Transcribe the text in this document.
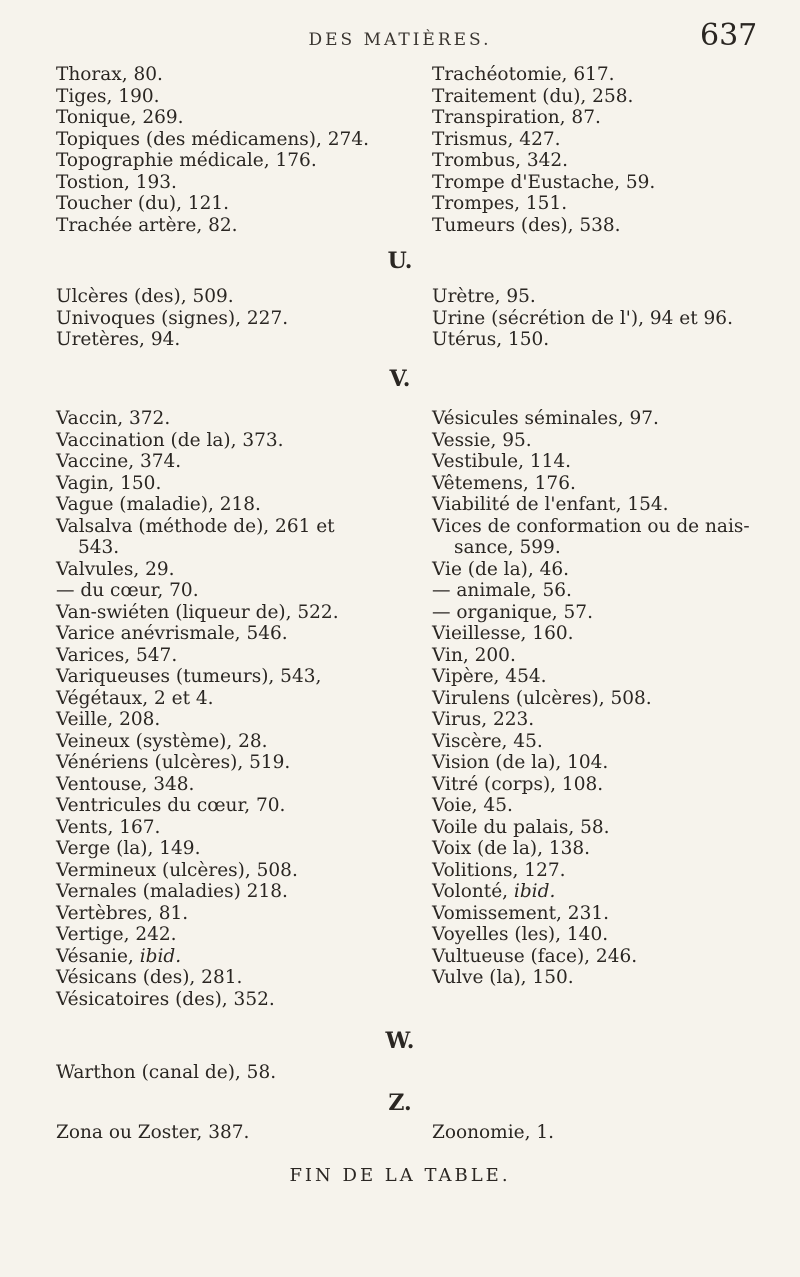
DES MATIÈRES.	637
Thorax, 80.
Tiges, 190.
Tonique, 269.
Topiques (des médicamens), 274.
Topographie médicale, 176.
Tostion, 193.
Toucher (du), 121.
Trachée artère, 82.
Trachéotomie, 617.
Traitement (du), 258.
Transpiration, 87.
Trismus, 427.
Trombus, 342.
Trompe d'Eustache, 59.
Trompes, 151.
Tumeurs (des), 538.
U.
Ulcères (des), 509.
Univoques (signes), 227.
Uretères, 94.
Urètre, 95.
Urine (sécrétion de l'), 94 et 96.
Utérus, 150.
V.
Vaccin, 372.
Vaccination (de la), 373.
Vaccine, 374.
Vagin, 150.
Vague (maladie), 218.
Valsalva (méthode de), 261 et
543.
Valvules, 29.
— du cœur, 70.
Van-swiéten (liqueur de), 522.
Varice anévrismale, 546.
Varices, 547.
Variqueuses (tumeurs), 543,
Végétaux, 2 et 4.
Veille, 208.
Veineux (système), 28.
Vénériens (ulcères), 519.
Ventouse, 348.
Ventricules du cœur, 70.
Vents, 167.
Verge (la), 149.
Vermineux (ulcères), 508.
Vernales (maladies) 218.
Vertèbres, 81.
Vertige, 242.
Vésanie, ibid.
Vésicans (des), 281.
Vésicatoires (des), 352.
Vésicules séminales, 97.
Vessie, 95.
Vestibule, 114.
Vêtemens, 176.
Viabilité de l'enfant, 154.
Vices de conformation ou de nais-
sance, 599.
Vie (de la), 46.
— animale, 56.
— organique, 57.
Vieillesse, 160.
Vin, 200.
Vipère, 454.
Virulens (ulcères), 508.
Virus, 223.
Viscère, 45.
Vision (de la), 104.
Vitré (corps), 108.
Voie, 45.
Voile du palais, 58.
Voix (de la), 138.
Volitions, 127.
Volonté, ibid.
Vomissement, 231.
Voyelles (les), 140.
Vultueuse (face), 246.
Vulve (la), 150.
W.
Warthon (canal de), 58.
Z.
Zona ou Zoster, 387.	Zoonomie, 1.
FIN DE LA TABLE.
